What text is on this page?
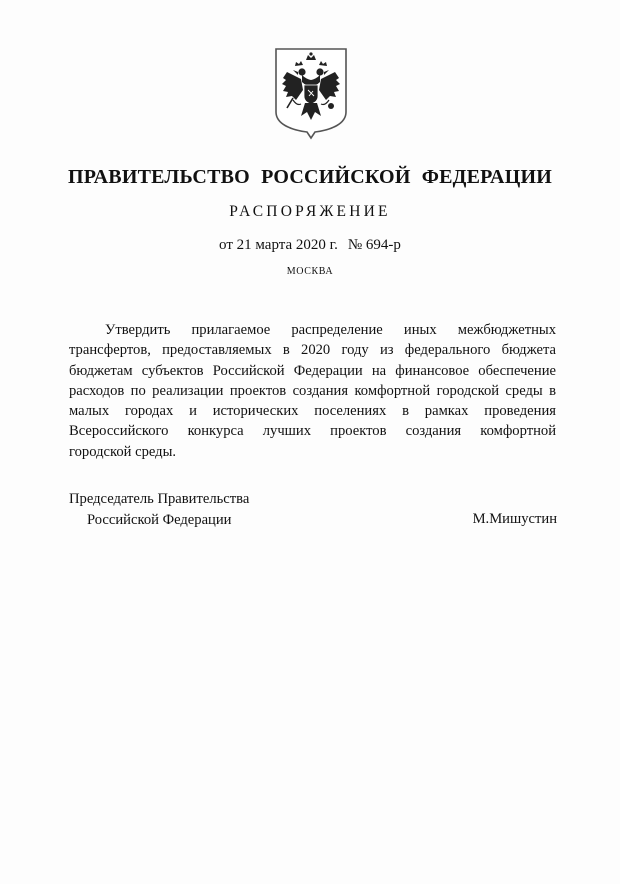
ПРАВИТЕЛЬСТВО РОССИЙСКОЙ ФЕДЕРАЦИИ
РАСПОРЯЖЕНИЕ
от 21 марта 2020 г. № 694-р
МОСКВА
Утвердить прилагаемое распределение иных межбюджетных
трансфертов, предоставляемых в 2020 году из федерального бюджета
бюджетам субъектов Российской Федерации на финансовое обеспечение
расходов по реализации проектов создания комфортной городской среды в
малых городах и исторических поселениях в рамках проведения
Всероссийского конкурса лучших проектов создания комфортной
городской среды.
Председатель Правительства
Российской Федерации	М.Мишустин
